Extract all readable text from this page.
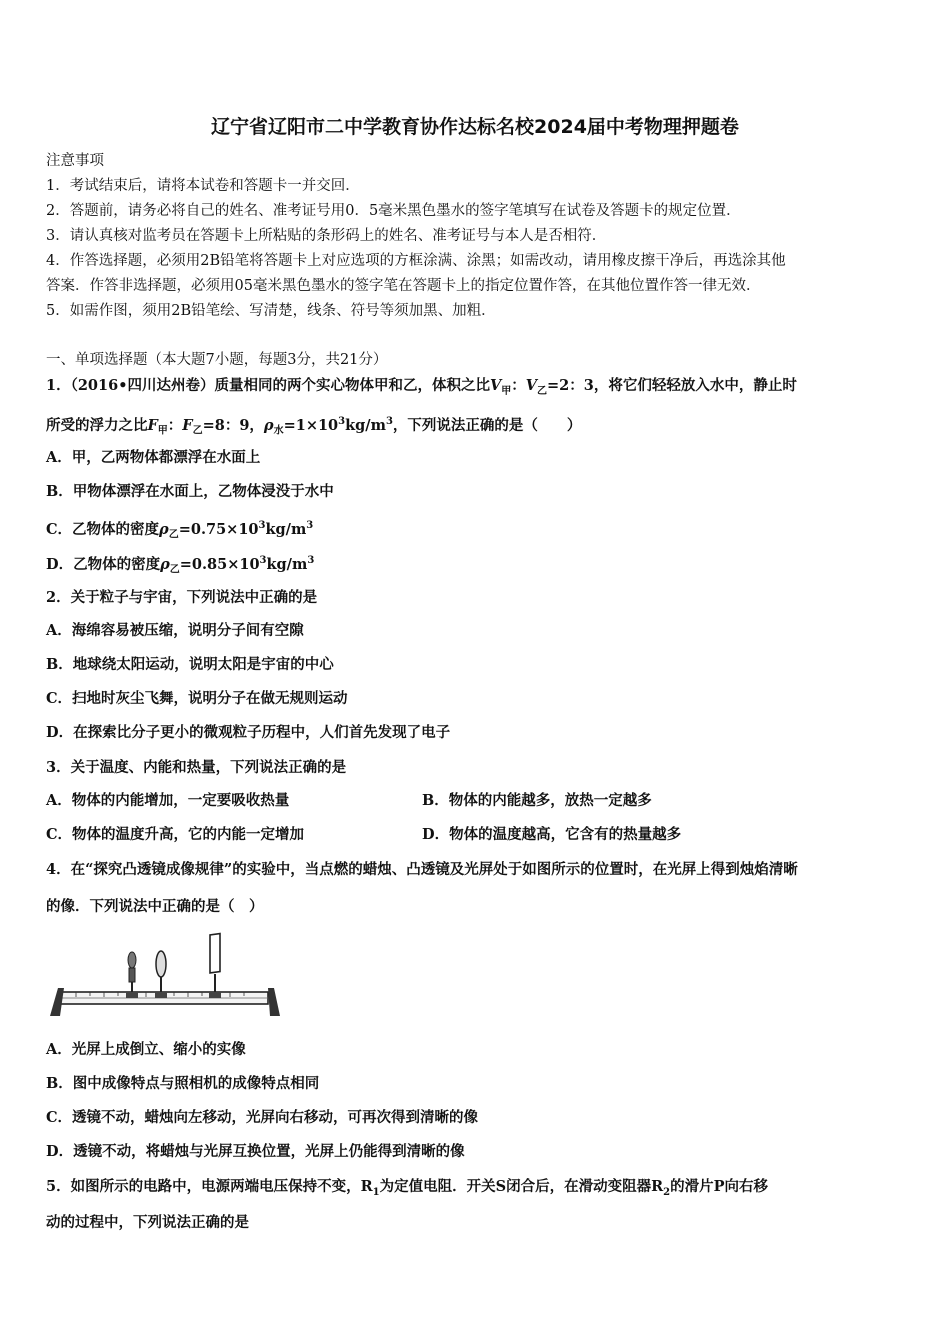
辽宁省辽阳市二中学教育协作达标名校2024届中考物理押题卷
注意事项
1．考试结束后，请将本试卷和答题卡一并交回．
2．答题前，请务必将自己的姓名、准考证号用0．5毫米黑色墨水的签字笔填写在试卷及答题卡的规定位置．
3．请认真核对监考员在答题卡上所粘贴的条形码上的姓名、准考证号与本人是否相符．
4．作答选择题，必须用2B铅笔将答题卡上对应选项的方框涂满、涂黑；如需改动，请用橡皮擦干净后，再选涂其他
答案．作答非选择题，必须用05毫米黑色墨水的签字笔在答题卡上的指定位置作答，在其他位置作答一律无效．
5．如需作图，须用2B铅笔绘、写清楚，线条、符号等须加黑、加粗．
一、单项选择题（本大题7小题，每题3分，共21分）
1．（2016•四川达州卷）质量相同的两个实心物体甲和乙，体积之比$V_甲$：$V_乙=2$：3，将它们轻轻放入水中，静止时
所受的浮力之比$F_甲$：$F_乙=8$：9，$\rho_水=1\times 10^3kg/m^3$，下列说法正确的是（　　）
A．甲，乙两物体都漂浮在水面上
B．甲物体漂浮在水面上，乙物体浸没于水中
C．乙物体的密度$\rho_乙=0.75\times 10^3kg/m^3$
D．乙物体的密度$\rho_乙=0.85\times 10^3kg/m^3$
2．关于粒子与宇宙，下列说法中正确的是
A．海绵容易被压缩，说明分子间有空隙
B．地球绕太阳运动，说明太阳是宇宙的中心
C．扫地时灰尘飞舞，说明分子在做无规则运动
D．在探索比分子更小的微观粒子历程中，人们首先发现了电子
3．关于温度、内能和热量，下列说法正确的是
A．物体的内能增加，一定要吸收热量	B．物体的内能越多，放热一定越多
C．物体的温度升高，它的内能一定增加	D．物体的温度越高，它含有的热量越多
4．在“探究凸透镜成像规律”的实验中，当点燃的蜡烛、凸透镜及光屏处于如图所示的位置时，在光屏上得到烛焰清晰
的像．下列说法中正确的是（　）
A．光屏上成倒立、缩小的实像
B．图中成像特点与照相机的成像特点相同
C．透镜不动，蜡烛向左移动，光屏向右移动，可再次得到清晰的像
D．透镜不动，将蜡烛与光屏互换位置，光屏上仍能得到清晰的像
5．如图所示的电路中，电源两端电压保持不变，$R_1$为定值电阻．开关S闭合后，在滑动变阻器$R_2$的滑片P向右移
动的过程中，下列说法正确的是
